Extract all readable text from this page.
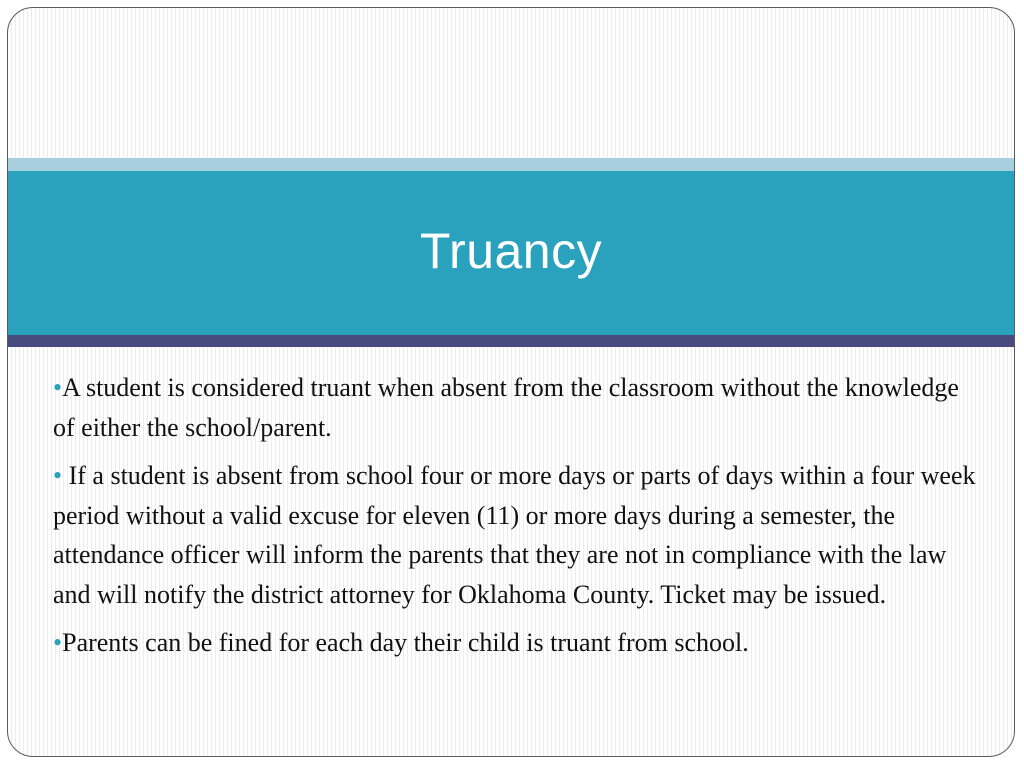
Truancy

•A student is considered truant when absent from the classroom without the knowledge of either the school/parent.

• If a student is absent from school four or more days or parts of days within a four week period without a valid excuse for eleven (11) or more days during a semester, the attendance officer will inform the parents that they are not in compliance with the law and will notify the district attorney for Oklahoma County. Ticket may be issued.

•Parents can be fined for each day their child is truant from school.
